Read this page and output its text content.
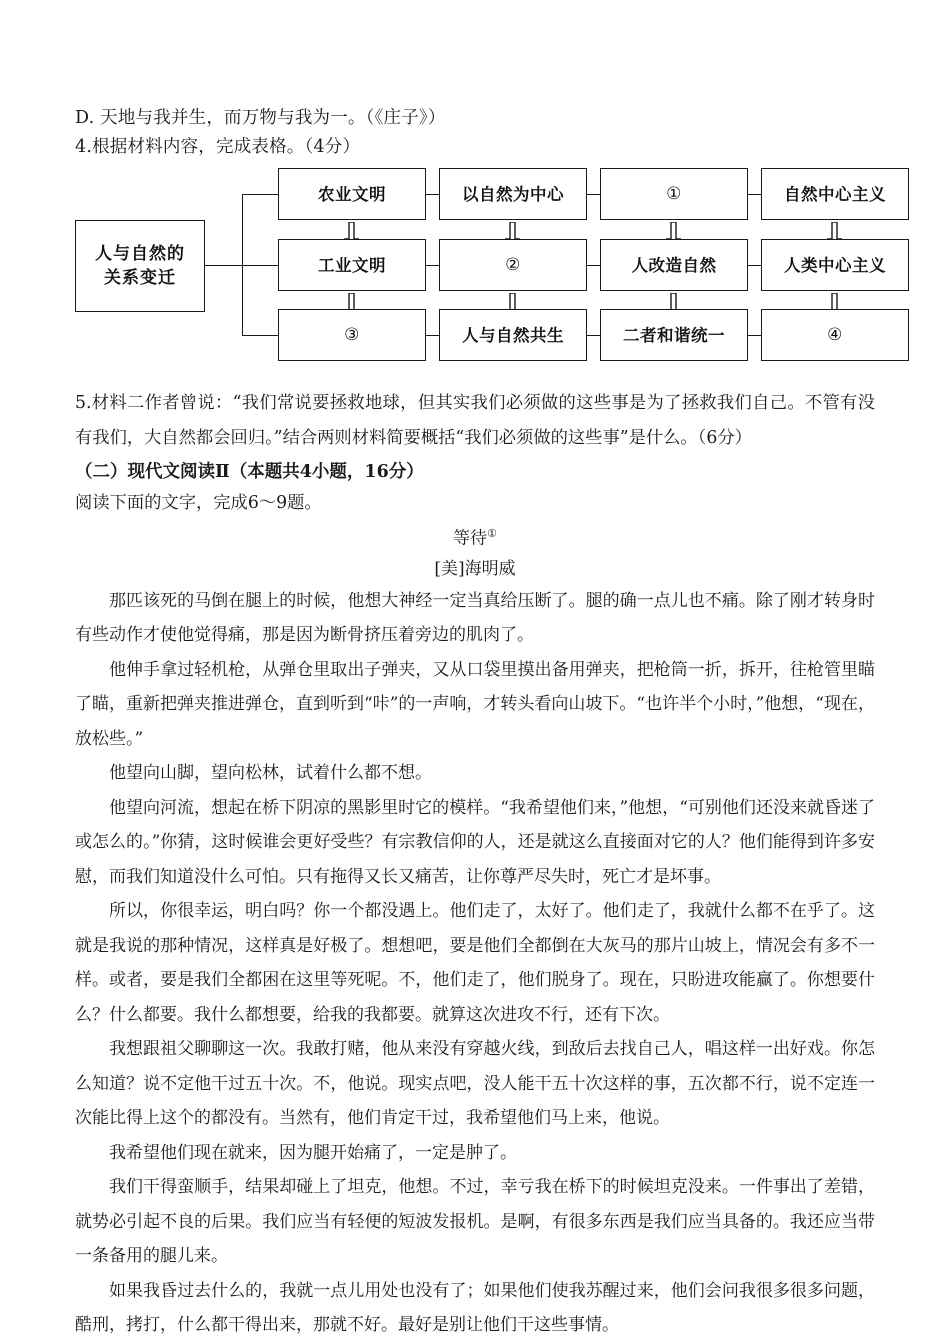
D. 天地与我并生，而万物与我为一。（《庄子》）
4.根据材料内容，完成表格。（4分）
人与自然的
关系变迁
农业文明	以自然为中心	①	自然中心主义
工业文明	②	人改造自然	人类中心主义
③	人与自然共生	二者和谐统一	④

5.材料二作者曾说：“我们常说要拯救地球，但其实我们必须做的这些事是为了拯救我们自己。不管有没有我们，大自然都会回归。”结合两则材料简要概括“我们必须做的这些事”是什么。（6分）

（二）现代文阅读Ⅱ（本题共4小题，16分）

阅读下面的文字，完成6～9题。

等待①

[美]海明威

那匹该死的马倒在腿上的时候，他想大神经一定当真给压断了。腿的确一点儿也不痛。除了刚才转身时有些动作才使他觉得痛，那是因为断骨挤压着旁边的肌肉了。

他伸手拿过轻机枪，从弹仓里取出子弹夹，又从口袋里摸出备用弹夹，把枪筒一折，拆开，往枪管里瞄了瞄，重新把弹夹推进弹仓，直到听到“咔”的一声响，才转头看向山坡下。“也许半个小时，”他想，“现在，放松些。”

他望向山脚，望向松林，试着什么都不想。

他望向河流，想起在桥下阴凉的黑影里时它的模样。“我希望他们来，”他想，“可别他们还没来就昏迷了或怎么的。”你猜，这时候谁会更好受些？有宗教信仰的人，还是就这么直接面对它的人？他们能得到许多安慰，而我们知道没什么可怕。只有拖得又长又痛苦，让你尊严尽失时，死亡才是坏事。

所以，你很幸运，明白吗？你一个都没遇上。他们走了，太好了。他们走了，我就什么都不在乎了。这就是我说的那种情况，这样真是好极了。想想吧，要是他们全都倒在大灰马的那片山坡上，情况会有多不一样。或者，要是我们全都困在这里等死呢。不，他们走了，他们脱身了。现在，只盼进攻能赢了。你想要什么？什么都要。我什么都想要，给我的我都要。就算这次进攻不行，还有下次。

我想跟祖父聊聊这一次。我敢打赌，他从来没有穿越火线，到敌后去找自己人，唱这样一出好戏。你怎么知道？说不定他干过五十次。不，他说。现实点吧，没人能干五十次这样的事，五次都不行，说不定连一次能比得上这个的都没有。当然有，他们肯定干过，我希望他们马上来，他说。

我希望他们现在就来，因为腿开始痛了，一定是肿了。

我们干得蛮顺手，结果却碰上了坦克，他想。不过，幸亏我在桥下的时候坦克没来。一件事出了差错，就势必引起不良的后果。我们应当有轻便的短波发报机。是啊，有很多东西是我们应当具备的。我还应当带一条备用的腿儿来。

如果我昏过去什么的，我就一点儿用处也没有了；如果他们使我苏醒过来，他们会问我很多很多问题，酷刑，拷打，什么都干得出来，那就不好。最好是别让他们干这些事情。
